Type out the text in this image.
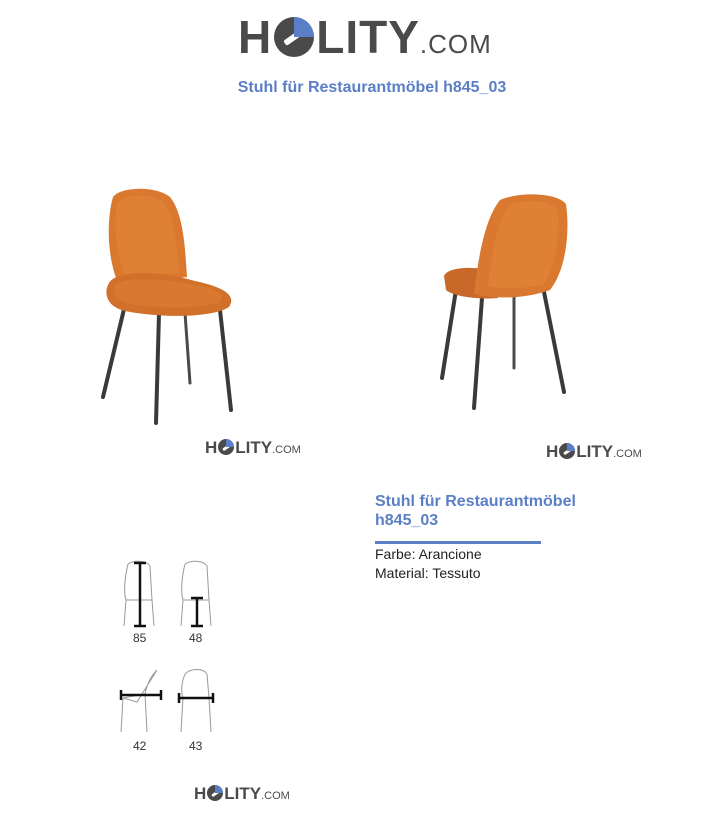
H LITY .COM
Stuhl für Restaurantmöbel h845_03
H LITY .COM	H LITY .COM
Stuhl für Restaurantmöbel h845_03
Farbe: Arancione
Material: Tessuto
85	48
42	43
H LITY .COM
